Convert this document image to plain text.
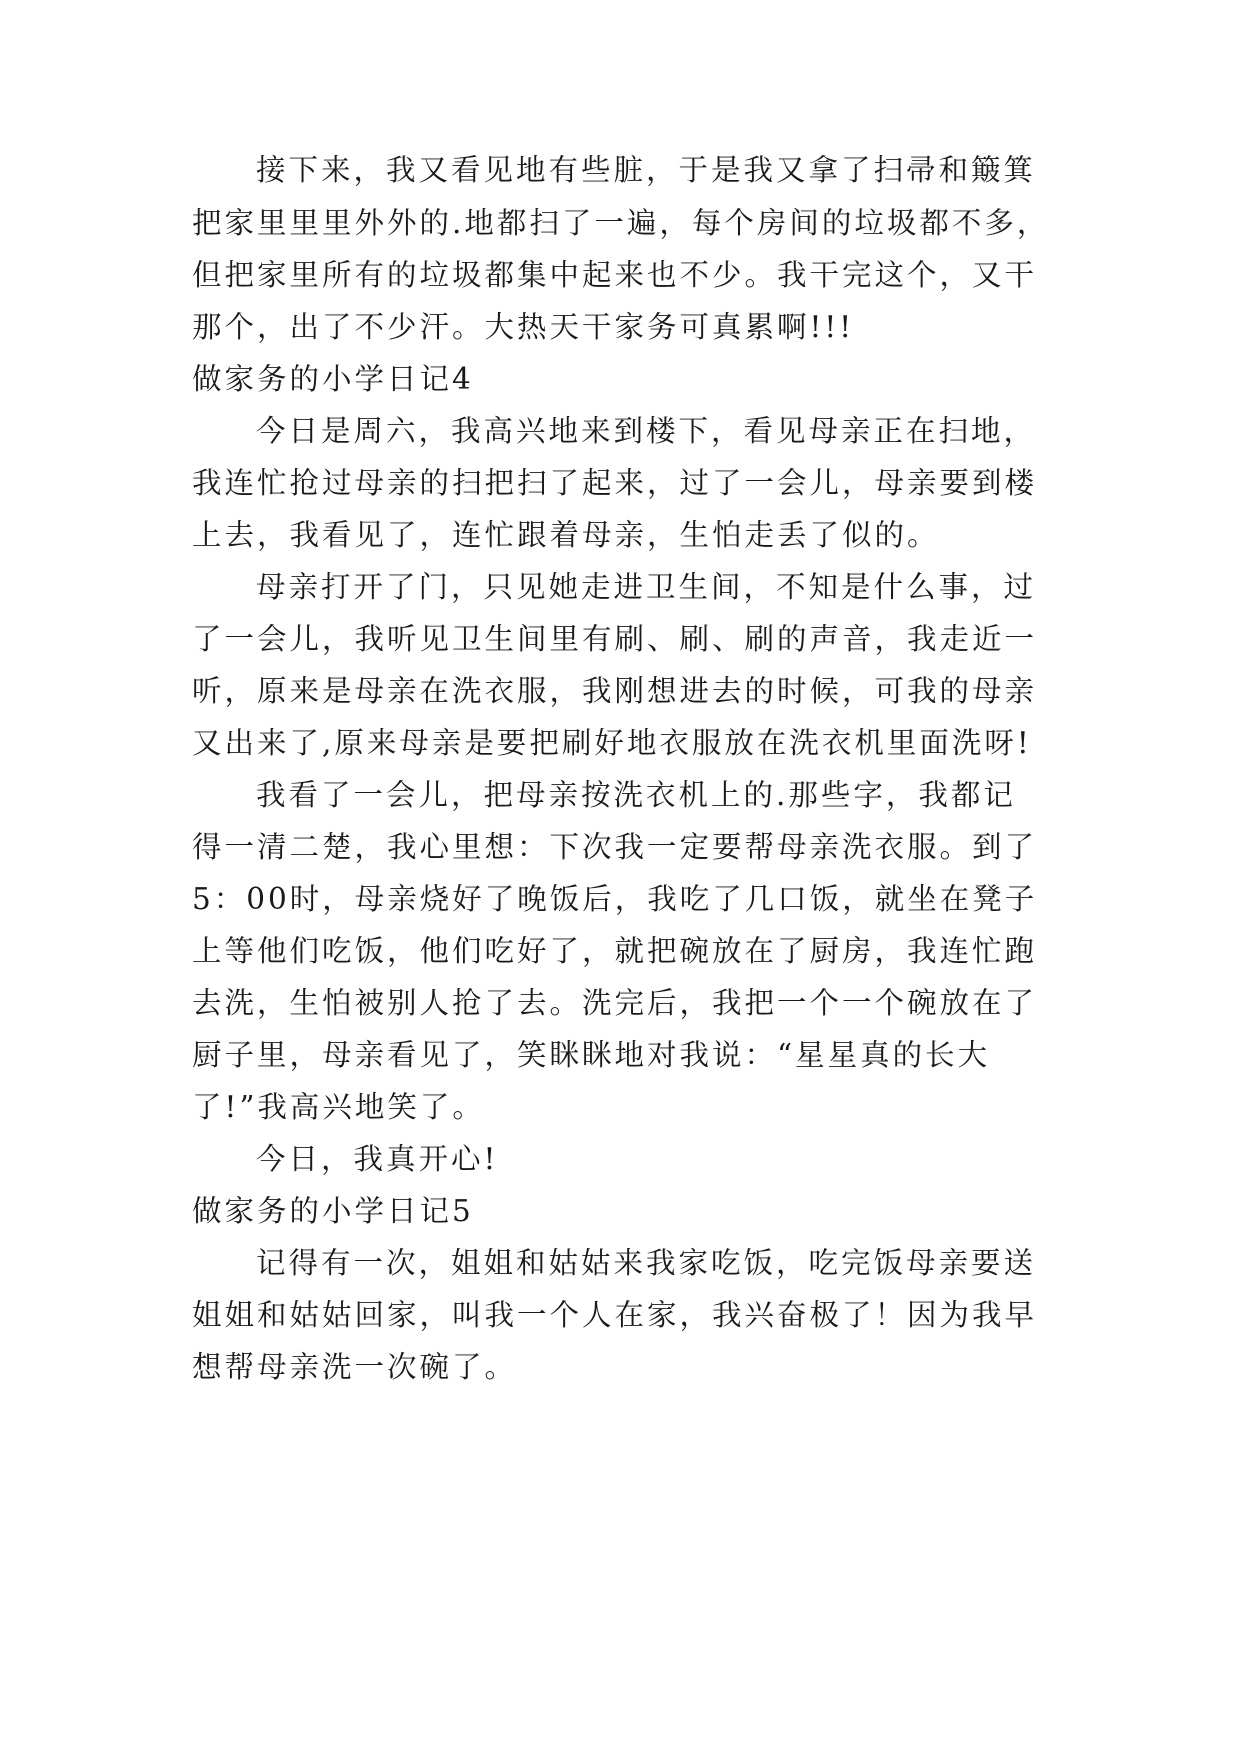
接下来，我又看见地有些脏，于是我又拿了扫帚和簸箕

把家里里里外外的.地都扫了一遍，每个房间的垃圾都不多，

但把家里所有的垃圾都集中起来也不少。我干完这个，又干

那个，出了不少汗。大热天干家务可真累啊!!!

做家务的小学日记4

今日是周六，我高兴地来到楼下，看见母亲正在扫地，

我连忙抢过母亲的扫把扫了起来，过了一会儿，母亲要到楼

上去，我看见了，连忙跟着母亲，生怕走丢了似的。

母亲打开了门，只见她走进卫生间，不知是什么事，过

了一会儿，我听见卫生间里有刷、刷、刷的声音，我走近一

听，原来是母亲在洗衣服，我刚想进去的时候，可我的母亲

又出来了,原来母亲是要把刷好地衣服放在洗衣机里面洗呀!

我看了一会儿，把母亲按洗衣机上的.那些字，我都记

得一清二楚，我心里想：下次我一定要帮母亲洗衣服。到了

5：00时，母亲烧好了晚饭后，我吃了几口饭，就坐在凳子

上等他们吃饭，他们吃好了，就把碗放在了厨房，我连忙跑

去洗，生怕被别人抢了去。洗完后，我把一个一个碗放在了

厨子里，母亲看见了，笑眯眯地对我说：“星星真的长大

了!”我高兴地笑了。

今日，我真开心!

做家务的小学日记5

记得有一次，姐姐和姑姑来我家吃饭，吃完饭母亲要送

姐姐和姑姑回家，叫我一个人在家，我兴奋极了！因为我早

想帮母亲洗一次碗了。
